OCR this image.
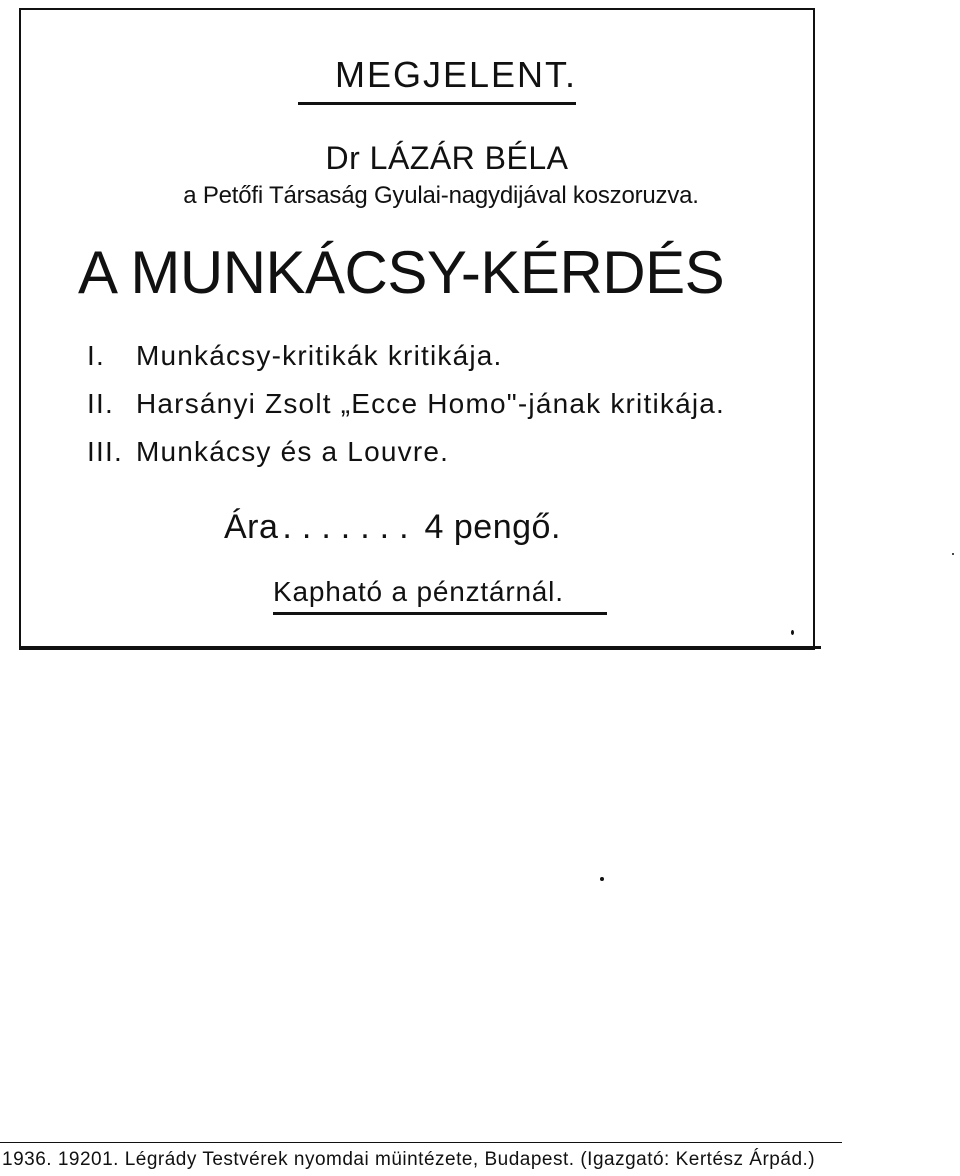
MEGJELENT.
Dr LÁZÁR BÉLA
a Petőfi Társaság Gyulai-nagydijával koszoruzva.
A MUNKÁCSY-KÉRDÉS
I. Munkácsy-kritikák kritikája.
II. Harsányi Zsolt „Ecce Homo"-jának kritikája.
III. Munkácsy és a Louvre.
Ára ....... 4 pengő.
Kapható a pénztárnál.
1936. 19201. Légrády Testvérek nyomdai müintézete, Budapest. (Igazgató: Kertész Árpád.)
